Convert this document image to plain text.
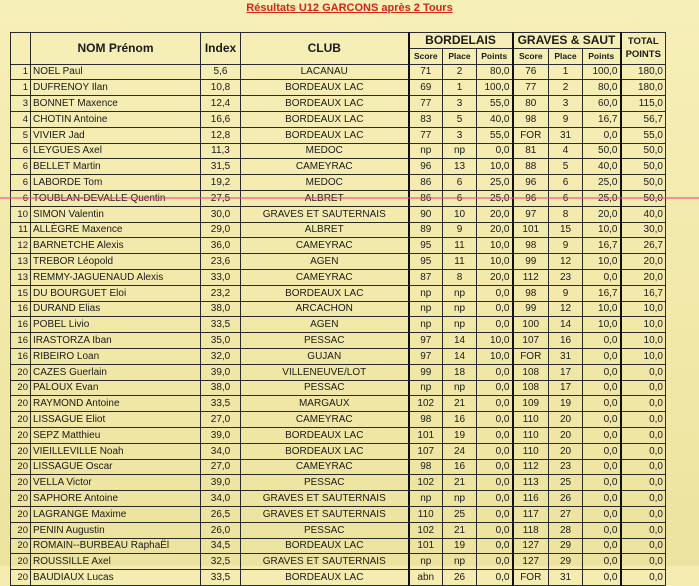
Résultats U12 GARCONS après 2 Tours
	NOM Prénom	Index	CLUB	BORDELAIS			GRAVES & SAUT			TOTAL
POINTS
				Score	Place	Points	Score	Place	Points	
1	NOEL Paul	5,6	LACANAU	71	2	80,0	76	1	100,0	180,0
1	DUFRENOY Ilan	10,8	BORDEAUX LAC	69	1	100,0	77	2	80,0	180,0
3	BONNET Maxence	12,4	BORDEAUX LAC	77	3	55,0	80	3	60,0	115,0
4	CHOTIN Antoine	16,6	BORDEAUX LAC	83	5	40,0	98	9	16,7	56,7
5	VIVIER Jad	12,8	BORDEAUX LAC	77	3	55,0	FOR	31	0,0	55,0
6	LEYGUES Axel	11,3	MEDOC	np	np	0,0	81	4	50,0	50,0
6	BELLET Martin	31,5	CAMEYRAC	96	13	10,0	88	5	40,0	50,0
6	LABORDE Tom	19,2	MEDOC	86	6	25,0	96	6	25,0	50,0

10	SIMON Valentin	30,0	GRAVES ET SAUTERNAIS	90	10	20,0	97	8	20,0	40,0
11	ALLÈGRE Maxence	29,0	ALBRET	89	9	20,0	101	15	10,0	30,0
12	BARNETCHE Alexis	36,0	CAMEYRAC	95	11	10,0	98	9	16,7	26,7
13	TREBOR Léopold	23,6	AGEN	95	11	10,0	99	12	10,0	20,0
13	REMMY-JAGUENAUD Alexis	33,0	CAMEYRAC	87	8	20,0	112	23	0,0	20,0
15	DU BOURGUET Eloi	23,2	BORDEAUX LAC	np	np	0,0	98	9	16,7	16,7
16	DURAND Elias	38,0	ARCACHON	np	np	0,0	99	12	10,0	10,0
16	POBEL Livio	33,5	AGEN	np	np	0,0	100	14	10,0	10,0
16	IRASTORZA Iban	35,0	PESSAC	97	14	10,0	107	16	0,0	10,0
16	RIBEIRO Loan	32,0	GUJAN	97	14	10,0	FOR	31	0,0	10,0
20	CAZES Guerlain	39,0	VILLENEUVE/LOT	99	18	0,0	108	17	0,0	0,0
20	PALOUX Evan	38,0	PESSAC	np	np	0,0	108	17	0,0	0,0
20	RAYMOND Antoine	33,5	MARGAUX	102	21	0,0	109	19	0,0	0,0
20	LISSAGUE Eliot	27,0	CAMEYRAC	98	16	0,0	110	20	0,0	0,0
20	SEPZ Matthieu	39,0	BORDEAUX LAC	101	19	0,0	110	20	0,0	0,0
20	VIEILLEVILLE Noah	34,0	BORDEAUX LAC	107	24	0,0	110	20	0,0	0,0
20	LISSAGUE Oscar	27,0	CAMEYRAC	98	16	0,0	112	23	0,0	0,0
20	VELLA Victor	39,0	PESSAC	102	21	0,0	113	25	0,0	0,0
20	SAPHORE Antoine	34,0	GRAVES ET SAUTERNAIS	np	np	0,0	116	26	0,0	0,0
20	LAGRANGE Maxime	26,5	GRAVES ET SAUTERNAIS	110	25	0,0	117	27	0,0	0,0
20	PENIN Augustin	26,0	PESSAC	102	21	0,0	118	28	0,0	0,0
20	ROMAIN--BURBEAU RaphaËl	34,5	BORDEAUX LAC	101	19	0,0	127	29	0,0	0,0
20	ROUSSILLE Axel	32,5	GRAVES ET SAUTERNAIS	np	np	0,0	127	29	0,0	0,0
20	BAUDIAUX Lucas	33,5	BORDEAUX LAC	abn	26	0,0	FOR	31	0,0	0,0
